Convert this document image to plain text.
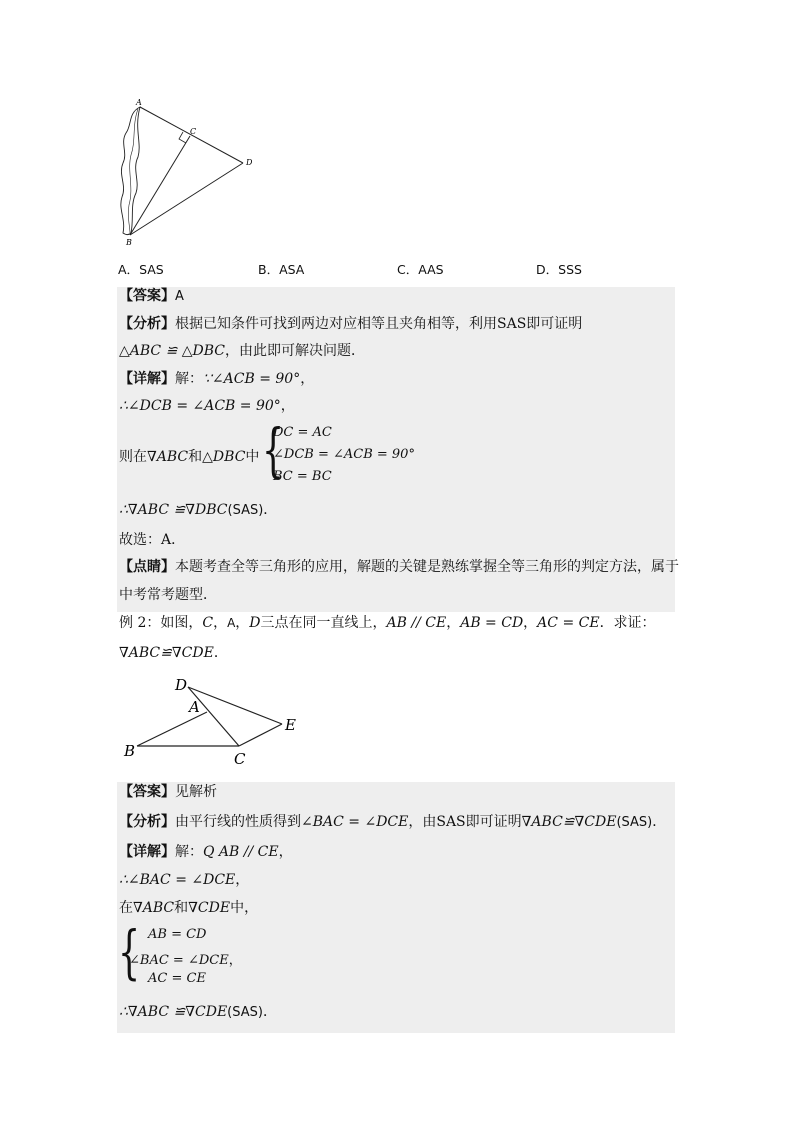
A
C
D
B
A．SAS	B．ASA	C．AAS	D．SSS
【答案】A
【分析】根据已知条件可找到两边对应相等且夹角相等，利用SAS即可证明
△ABC ≌ △DBC，由此即可解决问题．
【详解】解：∵∠ACB = 90°，
∴∠DCB = ∠ACB = 90°，
则在∇ABC和△DBC中 {
DC = AC
∠DCB = ∠ACB = 90°
BC = BC
∴∇ABC ≌∇DBC(SAS)．
故选：A．
【点睛】本题考查全等三角形的应用，解题的关键是熟练掌握全等三角形的判定方法，属于
中考常考题型．
例 2：如图，C，A，D三点在同一直线上，AB // CE，AB = CD，AC = CE．求证：
∇ABC≌∇CDE．
D
A
E
B	C
【答案】见解析
【分析】由平行线的性质得到∠BAC = ∠DCE，由SAS即可证明∇ABC≌∇CDE(SAS)．
【详解】解：Q AB // CE，
∴∠BAC = ∠DCE，
在∇ABC和∇CDE中，
{ AB = CD
∠BAC = ∠DCE，
AC = CE
∴∇ABC ≌∇CDE(SAS)．
